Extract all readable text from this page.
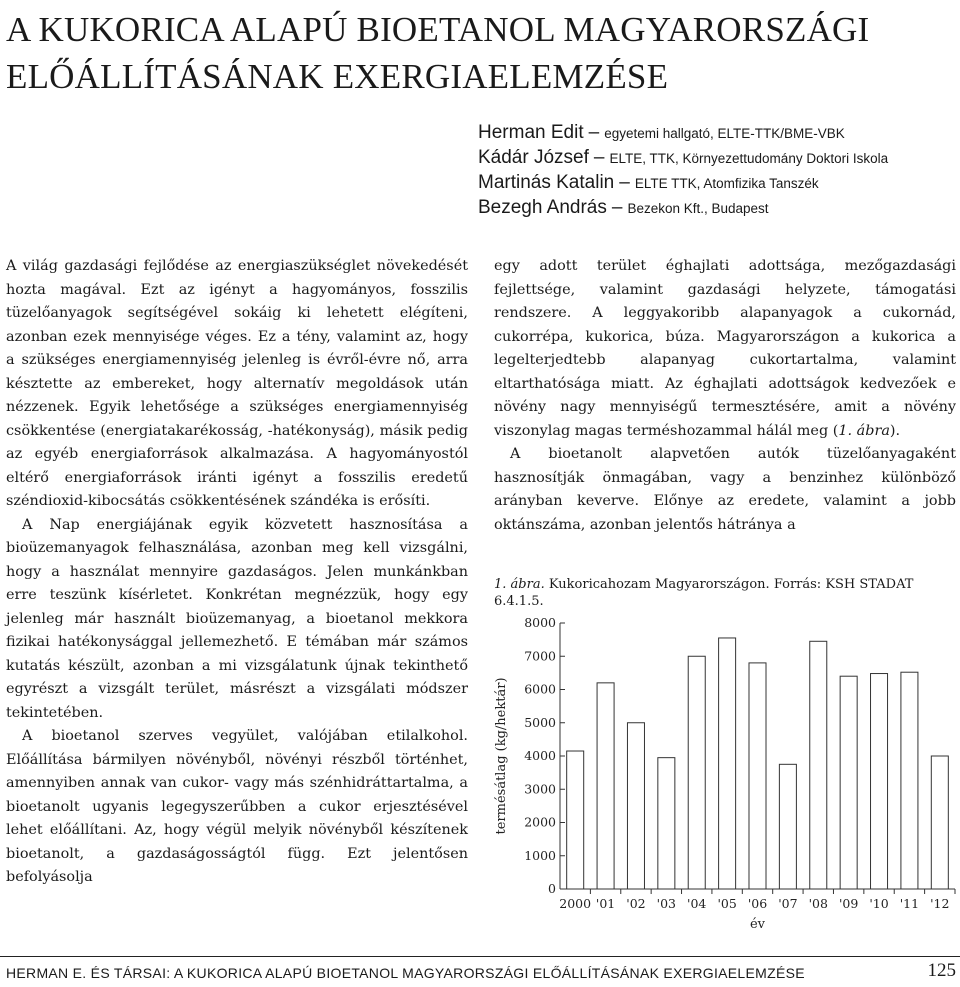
A KUKORICA ALAPÚ BIOETANOL MAGYARORSZÁGI
ELŐÁLLÍTÁSÁNAK EXERGIAELEMZÉSE
Herman Edit – egyetemi hallgató, ELTE-TTK/BME-VBK
Kádár József – ELTE, TTK, Környezettudomány Doktori Iskola
Martinás Katalin – ELTE TTK, Atomfizika Tanszék
Bezegh András – Bezekon Kft., Budapest

A világ gazdasági fejlődése az energiaszükséglet növekedését hozta magával. Ezt az igényt a hagyományos, fosszilis tüzelőanyagok segítségével sokáig ki lehetett elégíteni, azonban ezek mennyisége véges. Ez a tény, valamint az, hogy a szükséges energiamennyiség jelenleg is évről-évre nő, arra késztette az embereket, hogy alternatív megoldások után nézzenek. Egyik lehetősége a szükséges energiamennyiség csökkentése (energiatakarékosság, -hatékonyság), másik pedig az egyéb energiaforrások alkalmazása. A hagyományostól eltérő energiaforrások iránti igényt a fosszilis eredetű széndioxid-kibocsátás csökkentésének szándéka is erősíti.

A Nap energiájának egyik közvetett hasznosítása a bioüzemanyagok felhasználása, azonban meg kell vizsgálni, hogy a használat mennyire gazdaságos. Jelen munkánkban erre teszünk kísérletet. Konkrétan megnézzük, hogy egy jelenleg már használt bioüzemanyag, a bioetanol mekkora fizikai hatékonysággal jellemezhető. E témában már számos kutatás készült, azonban a mi vizsgálatunk újnak tekinthető egyrészt a vizsgált terület, másrészt a vizsgálati módszer tekintetében.

A bioetanol szerves vegyület, valójában etilalkohol. Előállítása bármilyen növényből, növényi részből történhet, amennyiben annak van cukor- vagy más szénhidráttartalma, a bioetanolt ugyanis legegyszerűbben a cukor erjesztésével lehet előállítani. Az, hogy végül melyik növényből készítenek bioetanolt, a gazdaságosságtól függ. Ezt jelentősen befolyásolja

egy adott terület éghajlati adottsága, mezőgazdasági fejlettsége, valamint gazdasági helyzete, támogatási rendszere. A leggyakoribb alapanyagok a cukornád, cukorrépa, kukorica, búza. Magyarországon a kukorica a legelterjedtebb alapanyag cukortartalma, valamint eltarthatósága miatt. Az éghajlati adottságok kedvezőek e növény nagy mennyiségű termesztésére, amit a növény viszonylag magas terméshozammal hálál meg (1. ábra).

A bioetanolt alapvetően autók tüzelőanyagaként hasznosítják önmagában, vagy a benzinhez különböző arányban keverve. Előnye az eredete, valamint a jobb oktánszáma, azonban jelentős hátránya a

1. ábra. Kukoricahozam Magyarországon. Forrás: KSH STADAT 6.4.1.5.
0
1000
2000
3000
4000
5000
6000
7000
8000
2000 '01 '02 '03 '04 '05 '06 '07 '08 '09 '10 '11 '12
termésátlag (kg/hektár)
év
HERMAN E. ÉS TÁRSAI: A KUKORICA ALAPÚ BIOETANOL MAGYARORSZÁGI ELŐÁLLÍTÁSÁNAK EXERGIAELEMZÉSE	125
